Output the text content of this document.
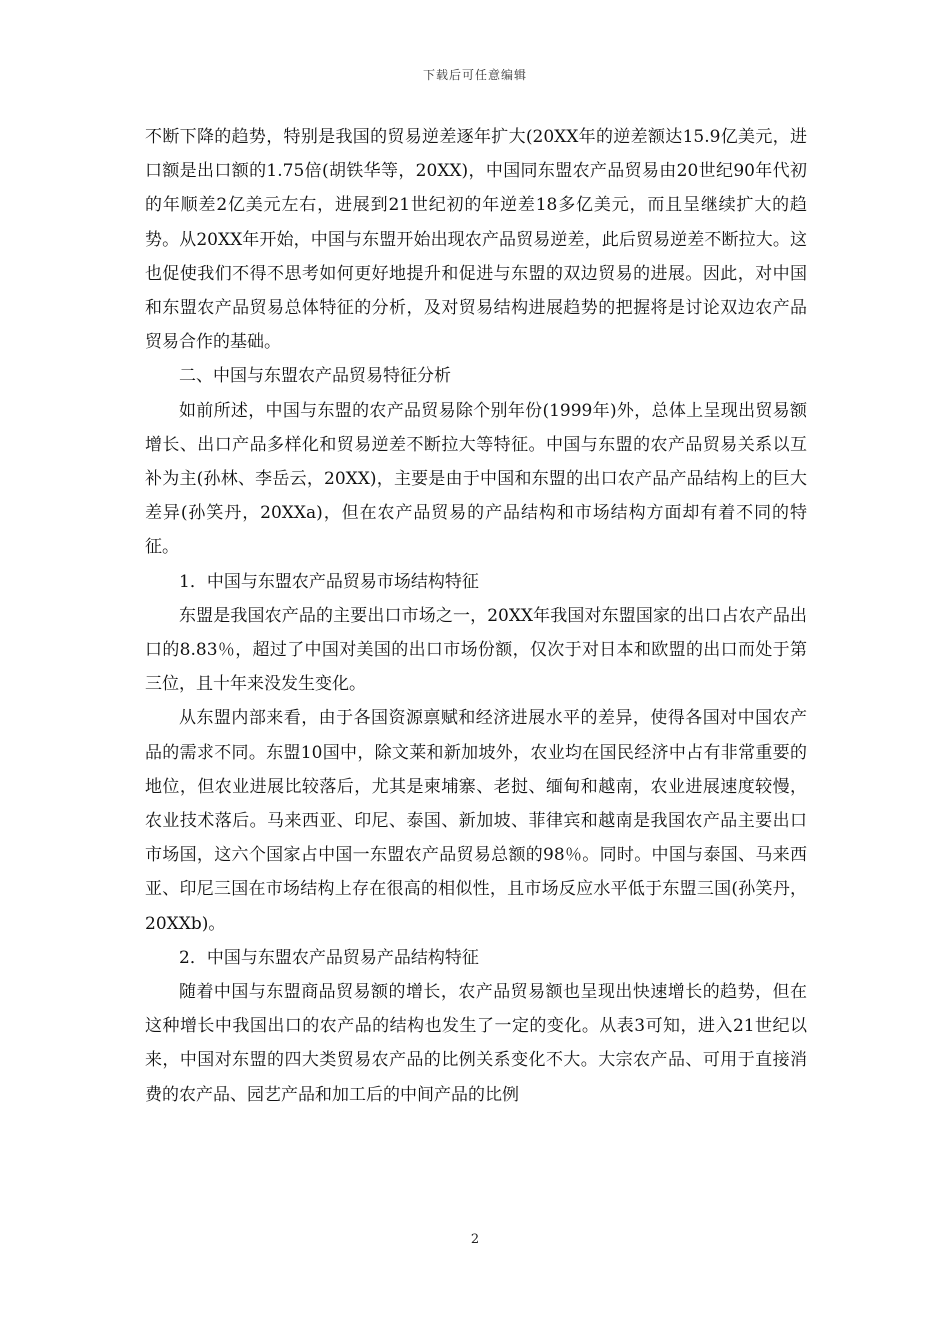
下载后可任意编辑

不断下降的趋势，特别是我国的贸易逆差逐年扩大(20XX年的逆差额达15.9亿美元，进口额是出口额的1.75倍(胡铁华等，20XX)，中国同东盟农产品贸易由20世纪90年代初的年顺差2亿美元左右，进展到21世纪初的年逆差18多亿美元，而且呈继续扩大的趋势。从20XX年开始，中国与东盟开始出现农产品贸易逆差，此后贸易逆差不断拉大。这也促使我们不得不思考如何更好地提升和促进与东盟的双边贸易的进展。因此，对中国和东盟农产品贸易总体特征的分析，及对贸易结构进展趋势的把握将是讨论双边农产品贸易合作的基础。

二、中国与东盟农产品贸易特征分析

如前所述，中国与东盟的农产品贸易除个别年份(1999年)外，总体上呈现出贸易额增长、出口产品多样化和贸易逆差不断拉大等特征。中国与东盟的农产品贸易关系以互补为主(孙林、李岳云，20XX)，主要是由于中国和东盟的出口农产品产品结构上的巨大差异(孙笑丹，20XXa)，但在农产品贸易的产品结构和市场结构方面却有着不同的特征。

1．中国与东盟农产品贸易市场结构特征

东盟是我国农产品的主要出口市场之一，20XX年我国对东盟国家的出口占农产品出口的8.83％，超过了中国对美国的出口市场份额，仅次于对日本和欧盟的出口而处于第三位，且十年来没发生变化。

从东盟内部来看，由于各国资源禀赋和经济进展水平的差异，使得各国对中国农产品的需求不同。东盟10国中，除文莱和新加坡外，农业均在国民经济中占有非常重要的地位，但农业进展比较落后，尤其是柬埔寨、老挝、缅甸和越南，农业进展速度较慢，农业技术落后。马来西亚、印尼、泰国、新加坡、菲律宾和越南是我国农产品主要出口市场国，这六个国家占中国一东盟农产品贸易总额的98％。同时。中国与泰国、马来西亚、印尼三国在市场结构上存在很高的相似性，且市场反应水平低于东盟三国(孙笑丹，20XXb)。

2．中国与东盟农产品贸易产品结构特征

随着中国与东盟商品贸易额的增长，农产品贸易额也呈现出快速增长的趋势，但在这种增长中我国出口的农产品的结构也发生了一定的变化。从表3可知，进入21世纪以来，中国对东盟的四大类贸易农产品的比例关系变化不大。大宗农产品、可用于直接消费的农产品、园艺产品和加工后的中间产品的比例

2
